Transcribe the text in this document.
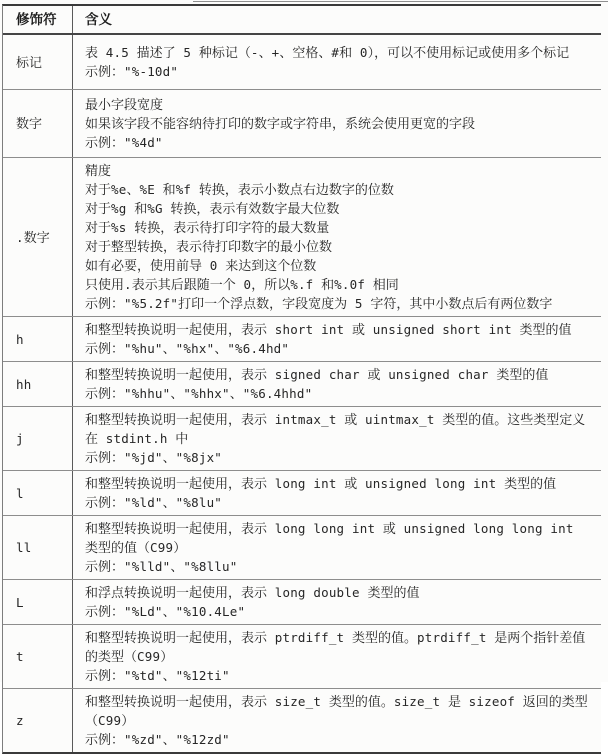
修饰符	含义
标记
表 4.5 描述了 5 种标记（-、+、空格、#和 0），可以不使用标记或使用多个标记
示例："%-10d"
数字
最小字段宽度
如果该字段不能容纳待打印的数字或字符串，系统会使用更宽的字段
示例："%4d"
. 数字
精度
对于%e、%E 和%f 转换，表示小数点右边数字的位数
对于%g 和%G 转换，表示有效数字最大位数
对于%s 转换，表示待打印字符的最大数量
对于整型转换，表示待打印数字的最小位数
如有必要，使用前导 0 来达到这个位数
只使用.表示其后跟随一个 0，所以%.f 和%.0f 相同
示例："%5.2f"打印一个浮点数，字段宽度为 5 字符，其中小数点后有两位数字
h
和整型转换说明一起使用，表示 short int 或 unsigned short int 类型的值
示例："%hu"、"%hx"、"%6.4hd"
hh
和整型转换说明一起使用，表示 signed char 或 unsigned char 类型的值
示例："%hhu"、"%hhx"、"%6.4hhd"
j
和整型转换说明一起使用，表示 intmax_t 或 uintmax_t 类型的值。这些类型定义在 stdint.h 中
示例："%jd"、"%8jx"
l
和整型转换说明一起使用，表示 long int 或 unsigned long int 类型的值
示例："%ld"、"%8lu"
ll
和整型转换说明一起使用，表示 long long int 或 unsigned long long int 类型的值（C99）
示例："%lld"、"%8llu"
L
和浮点转换说明一起使用，表示 long double 类型的值
示例："%Ld"、"%10.4Le"
t
和整型转换说明一起使用，表示 ptrdiff_t 类型的值。ptrdiff_t 是两个指针差值的类型（C99）
示例："%td"、"%12ti"
z
和整型转换说明一起使用，表示 size_t 类型的值。size_t 是 sizeof 返回的类型（C99）
示例："%zd"、"%12zd"
